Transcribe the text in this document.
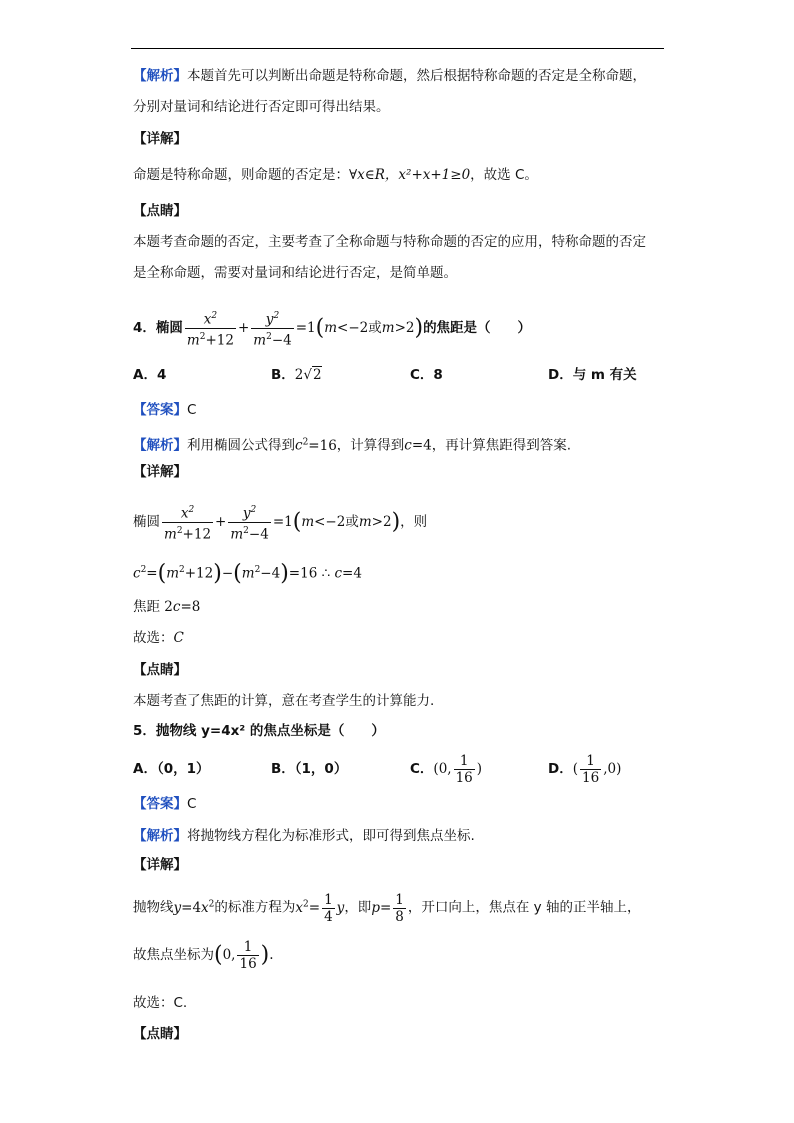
【解析】本题首先可以判断出命题是特称命题，然后根据特称命题的否定是全称命题，
分别对量词和结论进行否定即可得出结果。
【详解】
命题是特称命题，则命题的否定是：∀x∈R，x²+x+1≥0，故选 C。
【点睛】
本题考查命题的否定，主要考查了全称命题与特称命题的否定的应用，特称命题的否定
是全称命题，需要对量词和结论进行否定，是简单题。
4．椭圆 $\frac{x^2}{m^2+12} + \frac{y^2}{m^2-4} =1(m<-2$或m>2)的焦距是（　　）
A．4	B．2√2	C．8	D．与 m 有关
【答案】C
【解析】利用椭圆公式得到$c^2=16$，计算得到c=4，再计算焦距得到答案.
【详解】
椭圆 $\frac{x^2}{m^2+12} + \frac{y^2}{m^2-4} =1(m<-2$或m>2)，则
$c^2=(m^2+12)-(m^2-4)=16$ ∴ c=4
焦距 2c=8
故选：C
【点睛】
本题考查了焦距的计算，意在考查学生的计算能力.
5．抛物线 y=4x² 的焦点坐标是（　　）
A．（0，1）	B．（1，0）	C．(0, $\frac{1}{16}$ )	D．( $\frac{1}{16} ,0$)
【答案】C
【解析】将抛物线方程化为标准形式，即可得到焦点坐标.
【详解】
抛物线$y=4x^2$的标准方程为$x^2= \frac{1}{4}$ y，即$p= \frac{1}{8}$ ，开口向上，焦点在 y 轴的正半轴上，
故焦点坐标为(0, $\frac{1}{16}$ ).
故选：C.
【点睛】
